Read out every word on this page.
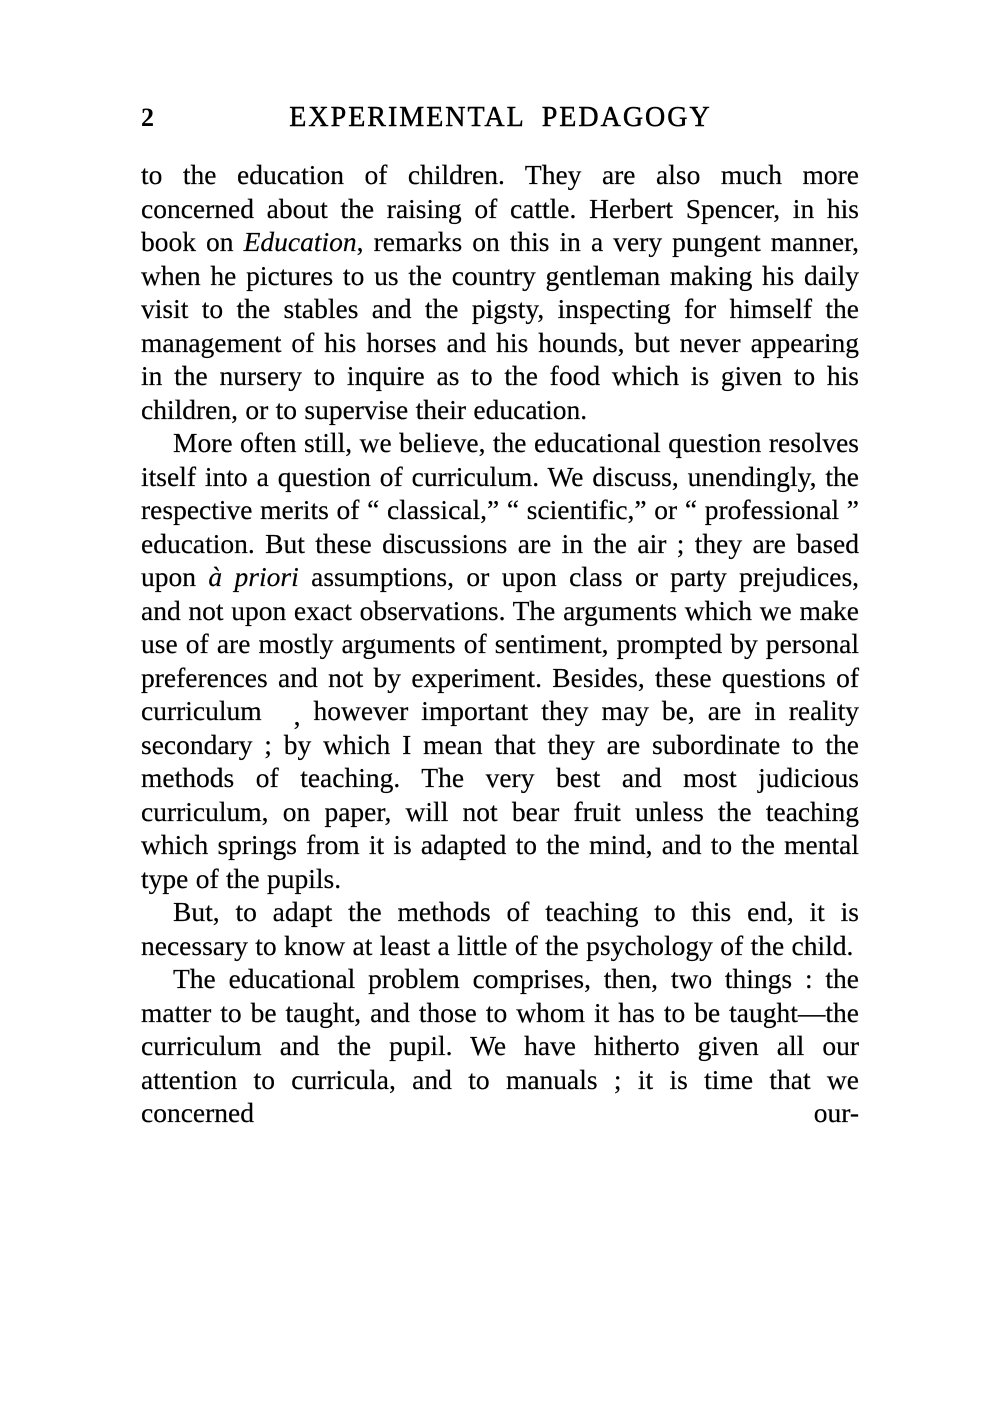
2	EXPERIMENTAL PEDAGOGY

to the education of children. They are also much more concerned about the raising of cattle. Herbert Spencer, in his book on Education, remarks on this in a very pungent manner, when he pictures to us the country gentleman making his daily visit to the stables and the pigsty, inspecting for himself the management of his horses and his hounds, but never appearing in the nursery to inquire as to the food which is given to his children, or to supervise their education.

More often still, we believe, the educational question resolves itself into a question of curriculum. We discuss, unendingly, the respective merits of “ classical,” “ scientific,” or “ professional ” education. But these discussions are in the air ; they are based upon à priori assumptions, or upon class or party prejudices, and not upon exact observations. The arguments which we make use of are mostly arguments of sentiment, prompted by personal preferences and not by experiment. Besides, these questions of curriculum , however important they may be, are in reality secondary ; by which I mean that they are subordinate to the methods of teaching. The very best and most judicious curriculum, on paper, will not bear fruit unless the teaching which springs from it is adapted to the mind, and to the mental type of the pupils.

But, to adapt the methods of teaching to this end, it is necessary to know at least a little of the psychology of the child.

The educational problem comprises, then, two things : the matter to be taught, and those to whom it has to be taught—the curriculum and the pupil. We have hitherto given all our attention to curricula, and to manuals ; it is time that we concerned our-
